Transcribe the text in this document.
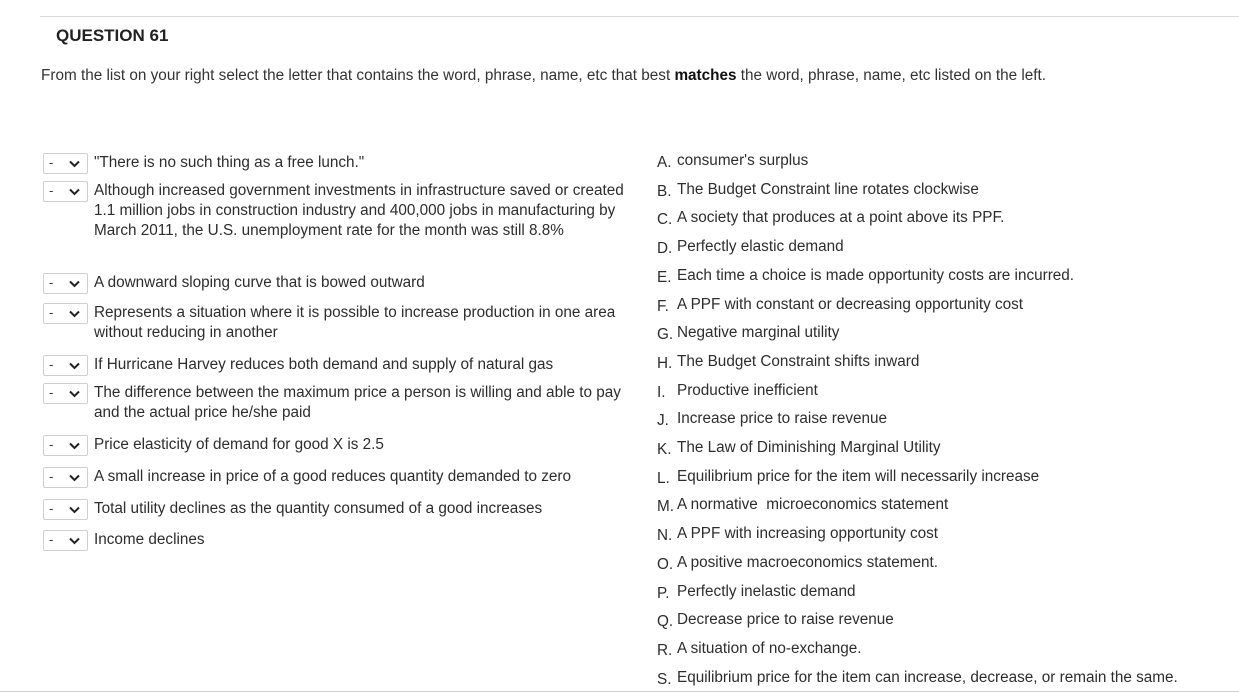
QUESTION 61
From the list on your right select the letter that contains the word, phrase, name, etc that best matches the word, phrase, name, etc listed on the left.
-	"There is no such thing as a free lunch."
-	Although increased government investments in infrastructure saved or created 1.1 million jobs in construction industry and 400,000 jobs in manufacturing by March 2011, the U.S. unemployment rate for the month was still 8.8%
-	A downward sloping curve that is bowed outward
-	Represents a situation where it is possible to increase production in one area without reducing in another
-	If Hurricane Harvey reduces both demand and supply of natural gas
-	The difference between the maximum price a person is willing and able to pay and the actual price he/she paid
-	Price elasticity of demand for good X is 2.5
-	A small increase in price of a good reduces quantity demanded to zero
-	Total utility declines as the quantity consumed of a good increases
-	Income declines
A. consumer's surplus
B. The Budget Constraint line rotates clockwise
C. A society that produces at a point above its PPF.
D. Perfectly elastic demand
E. Each time a choice is made opportunity costs are incurred.
F. A PPF with constant or decreasing opportunity cost
G. Negative marginal utility
H. The Budget Constraint shifts inward
I. Productive inefficient
J. Increase price to raise revenue
K. The Law of Diminishing Marginal Utility
L. Equilibrium price for the item will necessarily increase
M. A normative  microeconomics statement
N. A PPF with increasing opportunity cost
O. A positive macroeconomics statement.
P. Perfectly inelastic demand
Q. Decrease price to raise revenue
R. A situation of no-exchange.
S. Equilibrium price for the item can increase, decrease, or remain the same.
